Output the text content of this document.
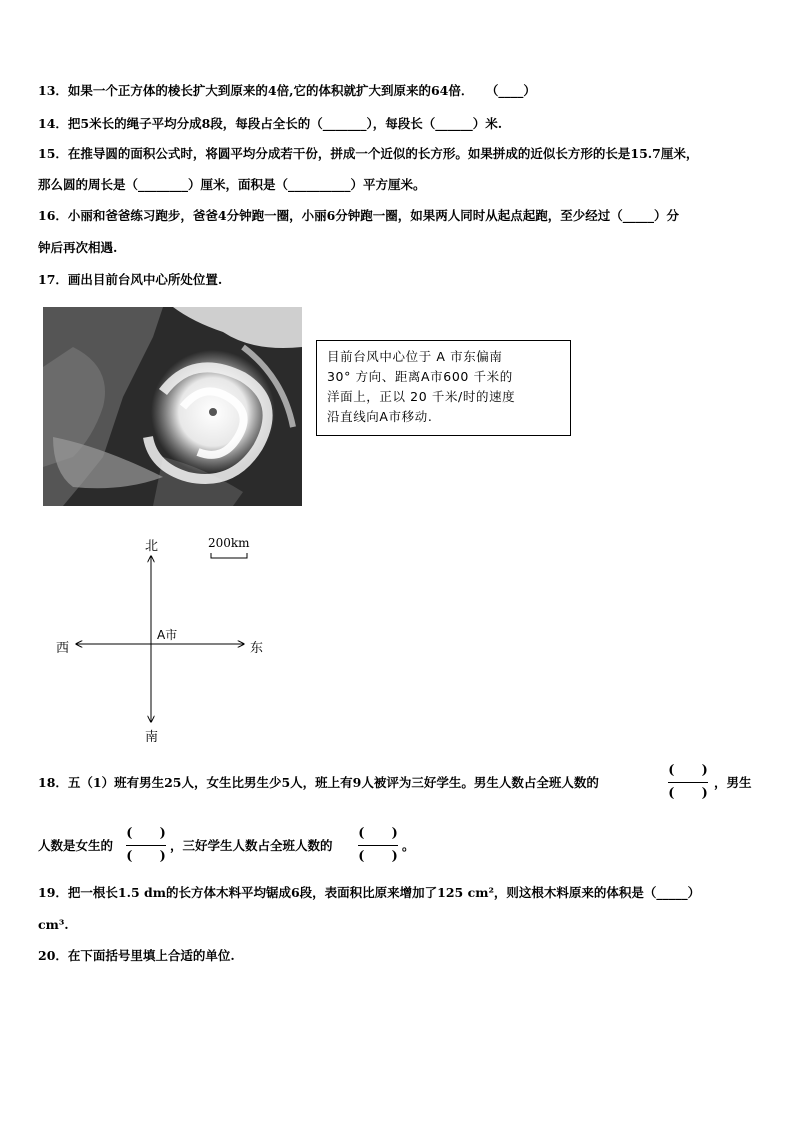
13．如果一个正方体的棱长扩大到原来的4倍,它的体积就扩大到原来的64倍．　　（____）
14．把5米长的绳子平均分成8段，每段占全长的（_______），每段长（______）米.
15．在推导圆的面积公式时，将圆平均分成若干份，拼成一个近似的长方形。如果拼成的近似长方形的长是15.7厘米，
那么圆的周长是（________）厘米，面积是（__________）平方厘米。
16．小丽和爸爸练习跑步，爸爸4分钟跑一圈，小丽6分钟跑一圈，如果两人同时从起点起跑，至少经过（_____）分
钟后再次相遇.
17．画出目前台风中心所处位置.
目前台风中心位于 A 市东偏南
30° 方向、距离A市600 千米的
洋面上，正以 20 千米/时的速度
沿直线向A市移动.
北
南
东
西
A市
200km
18．五（1）班有男生25人，女生比男生少5人，班上有9人被评为三好学生。男生人数占全班人数的
(      )
(      )
，男生
人数是女生的
(      )
(      )
，三好学生人数占全班人数的
(      )
(      )
。
19．把一根长1.5 dm的长方体木料平均锯成6段，表面积比原来增加了125 cm²，则这根木料原来的体积是（_____）
cm³.
20．在下面括号里填上合适的单位.
